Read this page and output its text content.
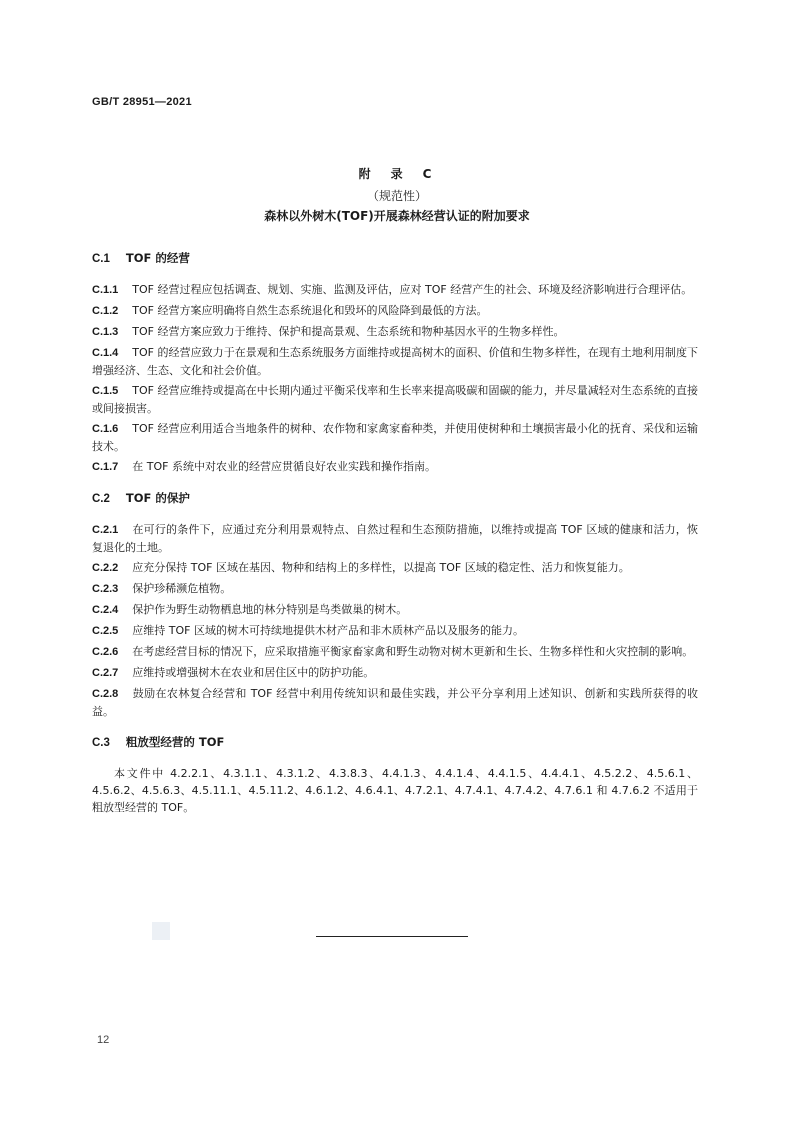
GB/T 28951—2021
附　录　C
（规范性）
森林以外树木(TOF)开展森林经营认证的附加要求
C.1 TOF 的经营
C.1.1 TOF 经营过程应包括调查、规划、实施、监测及评估，应对 TOF 经营产生的社会、环境及经济影响进行合理评估。
C.1.2 TOF 经营方案应明确将自然生态系统退化和毁坏的风险降到最低的方法。
C.1.3 TOF 经营方案应致力于维持、保护和提高景观、生态系统和物种基因水平的生物多样性。
C.1.4 TOF 的经营应致力于在景观和生态系统服务方面维持或提高树木的面积、价值和生物多样性，在现有土地利用制度下增强经济、生态、文化和社会价值。
C.1.5 TOF 经营应维持或提高在中长期内通过平衡采伐率和生长率来提高吸碳和固碳的能力，并尽量减轻对生态系统的直接或间接损害。
C.1.6 TOF 经营应利用适合当地条件的树种、农作物和家禽家畜种类，并使用使树种和土壤损害最小化的抚育、采伐和运输技术。
C.1.7 在 TOF 系统中对农业的经营应贯循良好农业实践和操作指南。
C.2 TOF 的保护
C.2.1 在可行的条件下，应通过充分利用景观特点、自然过程和生态预防措施，以维持或提高 TOF 区域的健康和活力，恢复退化的土地。
C.2.2 应充分保持 TOF 区域在基因、物种和结构上的多样性，以提高 TOF 区域的稳定性、活力和恢复能力。
C.2.3 保护珍稀濒危植物。
C.2.4 保护作为野生动物栖息地的林分特别是鸟类做巢的树木。
C.2.5 应维持 TOF 区域的树木可持续地提供木材产品和非木质林产品以及服务的能力。
C.2.6 在考虑经营目标的情况下，应采取措施平衡家畜家禽和野生动物对树木更新和生长、生物多样性和火灾控制的影响。
C.2.7 应维持或增强树木在农业和居住区中的防护功能。
C.2.8 鼓励在农林复合经营和 TOF 经营中利用传统知识和最佳实践，并公平分享利用上述知识、创新和实践所获得的收益。
C.3 粗放型经营的 TOF
本文件中 4.2.2.1、4.3.1.1、4.3.1.2、4.3.8.3、4.4.1.3、4.4.1.4、4.4.1.5、4.4.4.1、4.5.2.2、4.5.6.1、4.5.6.2、4.5.6.3、4.5.11.1、4.5.11.2、4.6.1.2、4.6.4.1、4.7.2.1、4.7.4.1、4.7.4.2、4.7.6.1 和 4.7.6.2 不适用于粗放型经营的 TOF。
12
